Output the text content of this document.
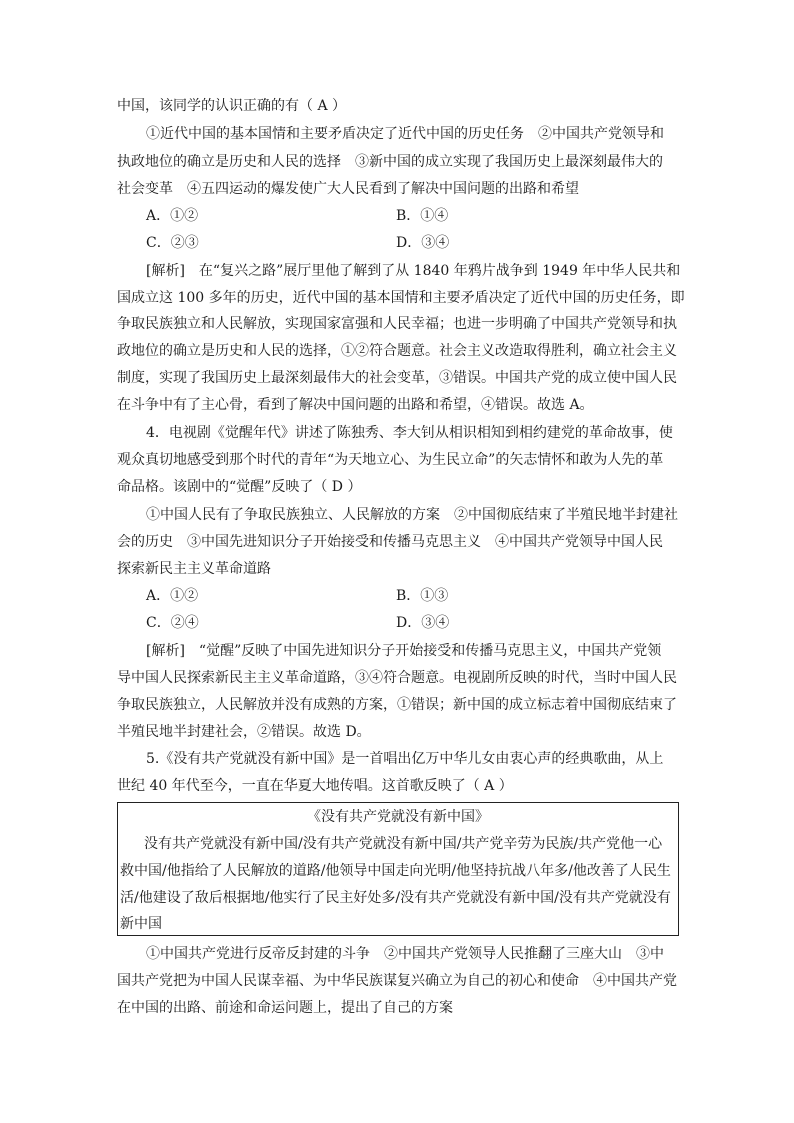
中国，该同学的认识正确的有（ A ）
①近代中国的基本国情和主要矛盾决定了近代中国的历史任务　②中国共产党领导和
执政地位的确立是历史和人民的选择　③新中国的成立实现了我国历史上最深刻最伟大的
社会变革　④五四运动的爆发使广大人民看到了解决中国问题的出路和希望
A．①②	B．①④
C．②③	D．③④
[解析]　在“复兴之路”展厅里他了解到了从 1840 年鸦片战争到 1949 年中华人民共和
国成立这 100 多年的历史，近代中国的基本国情和主要矛盾决定了近代中国的历史任务，即
争取民族独立和人民解放，实现国家富强和人民幸福；也进一步明确了中国共产党领导和执
政地位的确立是历史和人民的选择，①②符合题意。社会主义改造取得胜利，确立社会主义
制度，实现了我国历史上最深刻最伟大的社会变革，③错误。中国共产党的成立使中国人民
在斗争中有了主心骨，看到了解决中国问题的出路和希望，④错误。故选 A。
4．电视剧《觉醒年代》讲述了陈独秀、李大钊从相识相知到相约建党的革命故事，使
观众真切地感受到那个时代的青年“为天地立心、为生民立命”的矢志情怀和敢为人先的革
命品格。该剧中的“觉醒”反映了（ D ）
①中国人民有了争取民族独立、人民解放的方案　②中国彻底结束了半殖民地半封建社
会的历史　③中国先进知识分子开始接受和传播马克思主义　④中国共产党领导中国人民
探索新民主主义革命道路
A．①②	B．①③
C．②④	D．③④
[解析]　“觉醒”反映了中国先进知识分子开始接受和传播马克思主义，中国共产党领
导中国人民探索新民主主义革命道路，③④符合题意。电视剧所反映的时代，当时中国人民
争取民族独立，人民解放并没有成熟的方案，①错误；新中国的成立标志着中国彻底结束了
半殖民地半封建社会，②错误。故选 D。
5.《没有共产党就没有新中国》是一首唱出亿万中华儿女由衷心声的经典歌曲，从上
世纪 40 年代至今，一直在华夏大地传唱。这首歌反映了（ A ）
《没有共产党就没有新中国》
没有共产党就没有新中国/没有共产党就没有新中国/共产党辛劳为民族/共产党他一心
救中国/他指给了人民解放的道路/他领导中国走向光明/他坚持抗战八年多/他改善了人民生
活/他建设了敌后根据地/他实行了民主好处多/没有共产党就没有新中国/没有共产党就没有
新中国
①中国共产党进行反帝反封建的斗争　②中国共产党领导人民推翻了三座大山　③中
国共产党把为中国人民谋幸福、为中华民族谋复兴确立为自己的初心和使命　④中国共产党
在中国的出路、前途和命运问题上，提出了自己的方案
